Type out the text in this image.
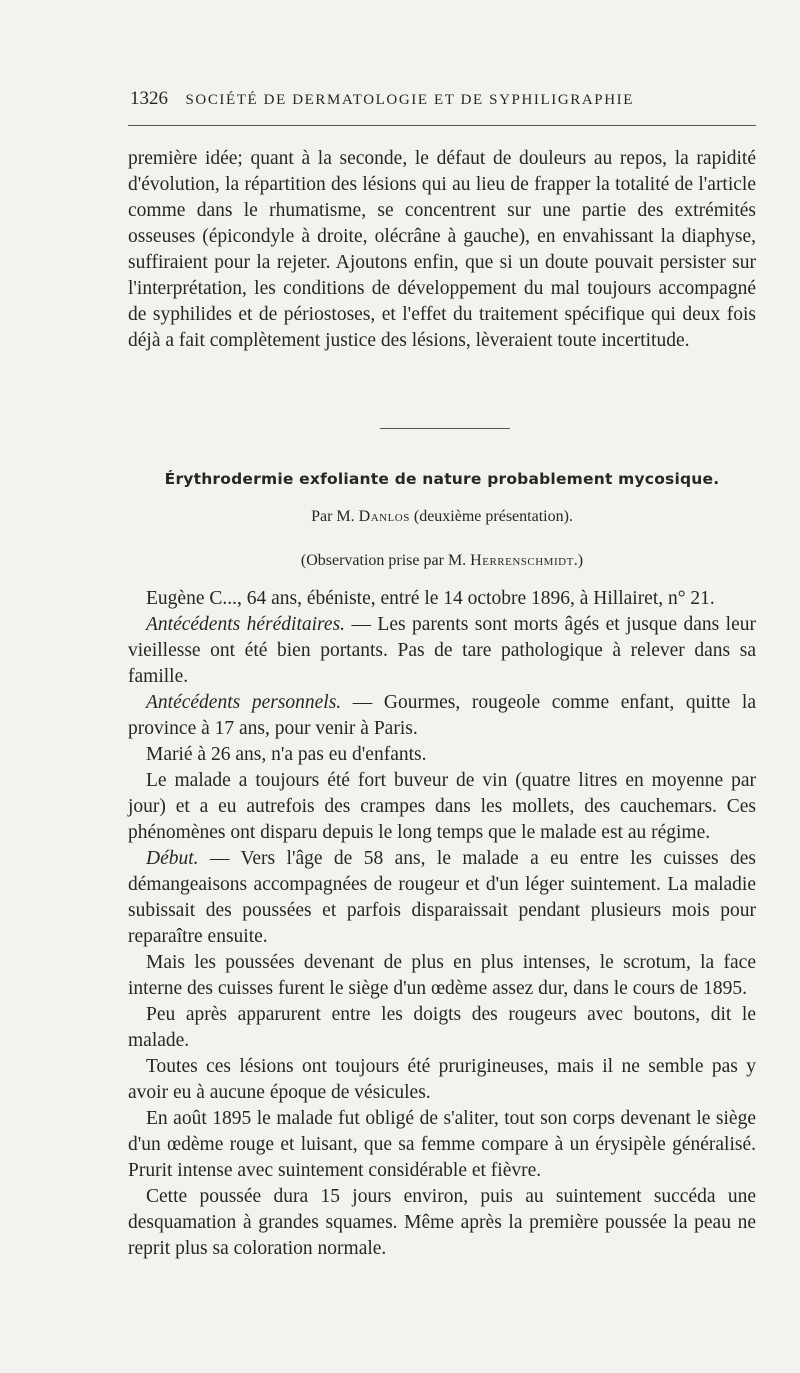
1326 SOCIÉTÉ DE DERMATOLOGIE ET DE SYPHILIGRAPHIE

première idée; quant à la seconde, le défaut de douleurs au repos, la rapidité d'évolution, la répartition des lésions qui au lieu de frapper la totalité de l'article comme dans le rhumatisme, se concentrent sur une partie des extrémités osseuses (épicondyle à droite, olécrâne à gauche), en envahissant la diaphyse, suffiraient pour la rejeter. Ajoutons enfin, que si un doute pouvait persister sur l'interprétation, les conditions de développement du mal toujours accompagné de syphilides et de périostoses, et l'effet du traitement spécifique qui deux fois déjà a fait complètement justice des lésions, lèveraient toute incertitude.

Érythrodermie exfoliante de nature probablement mycosique.
Par M. Danlos (deuxième présentation).
(Observation prise par M. Herrenschmidt.)

Eugène C..., 64 ans, ébéniste, entré le 14 octobre 1896, à Hillairet, n° 21.

Antécédents héréditaires. — Les parents sont morts âgés et jusque dans leur vieillesse ont été bien portants. Pas de tare pathologique à relever dans sa famille.

Antécédents personnels. — Gourmes, rougeole comme enfant, quitte la province à 17 ans, pour venir à Paris.

Marié à 26 ans, n'a pas eu d'enfants.

Le malade a toujours été fort buveur de vin (quatre litres en moyenne par jour) et a eu autrefois des crampes dans les mollets, des cauchemars. Ces phénomènes ont disparu depuis le long temps que le malade est au régime.

Début. — Vers l'âge de 58 ans, le malade a eu entre les cuisses des démangeaisons accompagnées de rougeur et d'un léger suintement. La maladie subissait des poussées et parfois disparaissait pendant plusieurs mois pour reparaître ensuite.

Mais les poussées devenant de plus en plus intenses, le scrotum, la face interne des cuisses furent le siège d'un œdème assez dur, dans le cours de 1895.

Peu après apparurent entre les doigts des rougeurs avec boutons, dit le malade.

Toutes ces lésions ont toujours été prurigineuses, mais il ne semble pas y avoir eu à aucune époque de vésicules.

En août 1895 le malade fut obligé de s'aliter, tout son corps devenant le siège d'un œdème rouge et luisant, que sa femme compare à un érysipèle généralisé. Prurit intense avec suintement considérable et fièvre.

Cette poussée dura 15 jours environ, puis au suintement succéda une desquamation à grandes squames. Même après la première poussée la peau ne reprit plus sa coloration normale.
